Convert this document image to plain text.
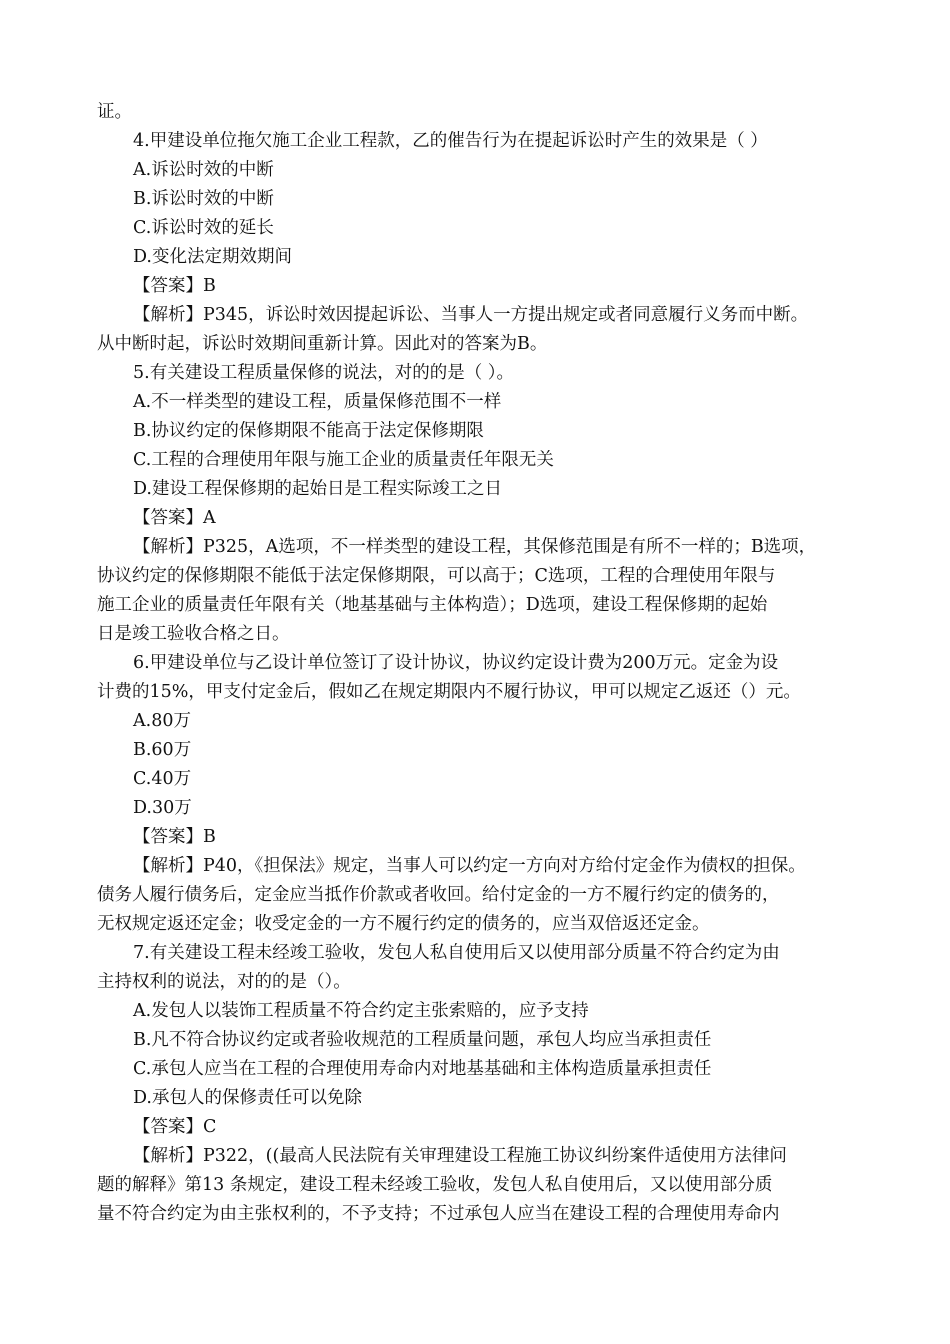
证。
4.甲建设单位拖欠施工企业工程款，乙的催告行为在提起诉讼时产生的效果是（ ）
A.诉讼时效的中断
B.诉讼时效的中断
C.诉讼时效的延长
D.变化法定期效期间
【答案】B
【解析】P345，诉讼时效因提起诉讼、当事人一方提出规定或者同意履行义务而中断。
从中断时起，诉讼时效期间重新计算。因此对的答案为B。
5.有关建设工程质量保修的说法，对的的是（ ）。
A.不一样类型的建设工程，质量保修范围不一样
B.协议约定的保修期限不能高于法定保修期限
C.工程的合理使用年限与施工企业的质量责任年限无关
D.建设工程保修期的起始日是工程实际竣工之日
【答案】A
【解析】P325，A选项，不一样类型的建设工程，其保修范围是有所不一样的；B选项，
协议约定的保修期限不能低于法定保修期限，可以高于；C选项，工程的合理使用年限与
施工企业的质量责任年限有关（地基基础与主体构造）；D选项，建设工程保修期的起始
日是竣工验收合格之日。
6.甲建设单位与乙设计单位签订了设计协议，协议约定设计费为200万元。定金为设
计费的15%，甲支付定金后，假如乙在规定期限内不履行协议，甲可以规定乙返还（）元。
A.80万
B.60万
C.40万
D.30万
【答案】B
【解析】P40，《担保法》规定，当事人可以约定一方向对方给付定金作为债权的担保。
债务人履行债务后，定金应当抵作价款或者收回。给付定金的一方不履行约定的债务的，
无权规定返还定金；收受定金的一方不履行约定的债务的，应当双倍返还定金。
7.有关建设工程未经竣工验收，发包人私自使用后又以使用部分质量不符合约定为由
主持权利的说法，对的的是（）。
A.发包人以装饰工程质量不符合约定主张索赔的，应予支持
B.凡不符合协议约定或者验收规范的工程质量问题，承包人均应当承担责任
C.承包人应当在工程的合理使用寿命内对地基基础和主体构造质量承担责任
D.承包人的保修责任可以免除
【答案】C
【解析】P322，((最高人民法院有关审理建设工程施工协议纠纷案件适使用方法律问
题的解释》第13 条规定，建设工程未经竣工验收，发包人私自使用后，又以使用部分质
量不符合约定为由主张权利的，不予支持；不过承包人应当在建设工程的合理使用寿命内
